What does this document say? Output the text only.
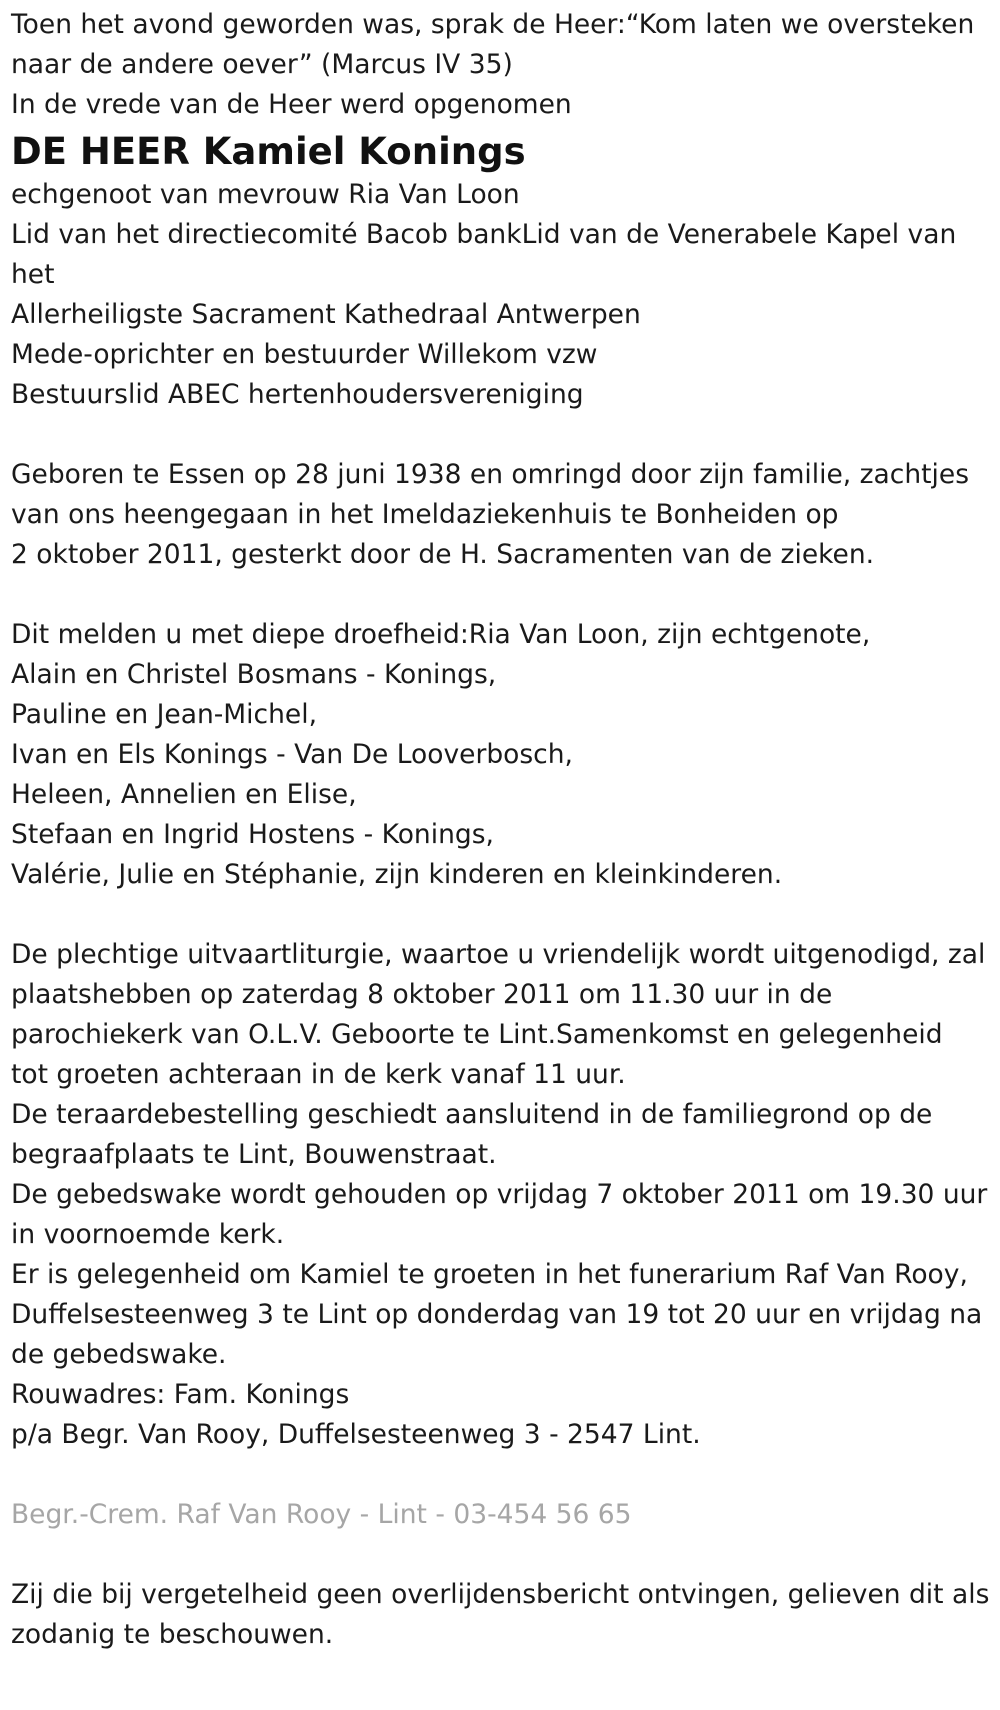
Toen het avond geworden was, sprak de Heer:“Kom laten we oversteken

naar de andere oever” (Marcus IV 35)

In de vrede van de Heer werd opgenomen

DE HEER Kamiel Konings

echgenoot van mevrouw Ria Van Loon

Lid van het directiecomité Bacob bankLid van de Venerabele Kapel van

het

Allerheiligste Sacrament Kathedraal Antwerpen

Mede-oprichter en bestuurder Willekom vzw

Bestuurslid ABEC hertenhoudersvereniging

Geboren te Essen op 28 juni 1938 en omringd door zijn familie, zachtjes

van ons heengegaan in het Imeldaziekenhuis te Bonheiden op

2 oktober 2011, gesterkt door de H. Sacramenten van de zieken.

Dit melden u met diepe droefheid:Ria Van Loon, zijn echtgenote,

Alain en Christel Bosmans - Konings,

Pauline en Jean-Michel,

Ivan en Els Konings - Van De Looverbosch,

Heleen, Annelien en Elise,

Stefaan en Ingrid Hostens - Konings,

Valérie, Julie en Stéphanie, zijn kinderen en kleinkinderen.

De plechtige uitvaartliturgie, waartoe u vriendelijk wordt uitgenodigd, zal

plaatshebben op zaterdag 8 oktober 2011 om 11.30 uur in de

parochiekerk van O.L.V. Geboorte te Lint.Samenkomst en gelegenheid

tot groeten achteraan in de kerk vanaf 11 uur.

De teraardebestelling geschiedt aansluitend in de familiegrond op de

begraafplaats te Lint, Bouwenstraat.

De gebedswake wordt gehouden op vrijdag 7 oktober 2011 om 19.30 uur

in voornoemde kerk.

Er is gelegenheid om Kamiel te groeten in het funerarium Raf Van Rooy,

Duffelsesteenweg 3 te Lint op donderdag van 19 tot 20 uur en vrijdag na

de gebedswake.

Rouwadres: Fam. Konings

p/a Begr. Van Rooy, Duffelsesteenweg 3 - 2547 Lint.

Begr.-Crem. Raf Van Rooy - Lint - 03-454 56 65

Zij die bij vergetelheid geen overlijdensbericht ontvingen, gelieven dit als

zodanig te beschouwen.
